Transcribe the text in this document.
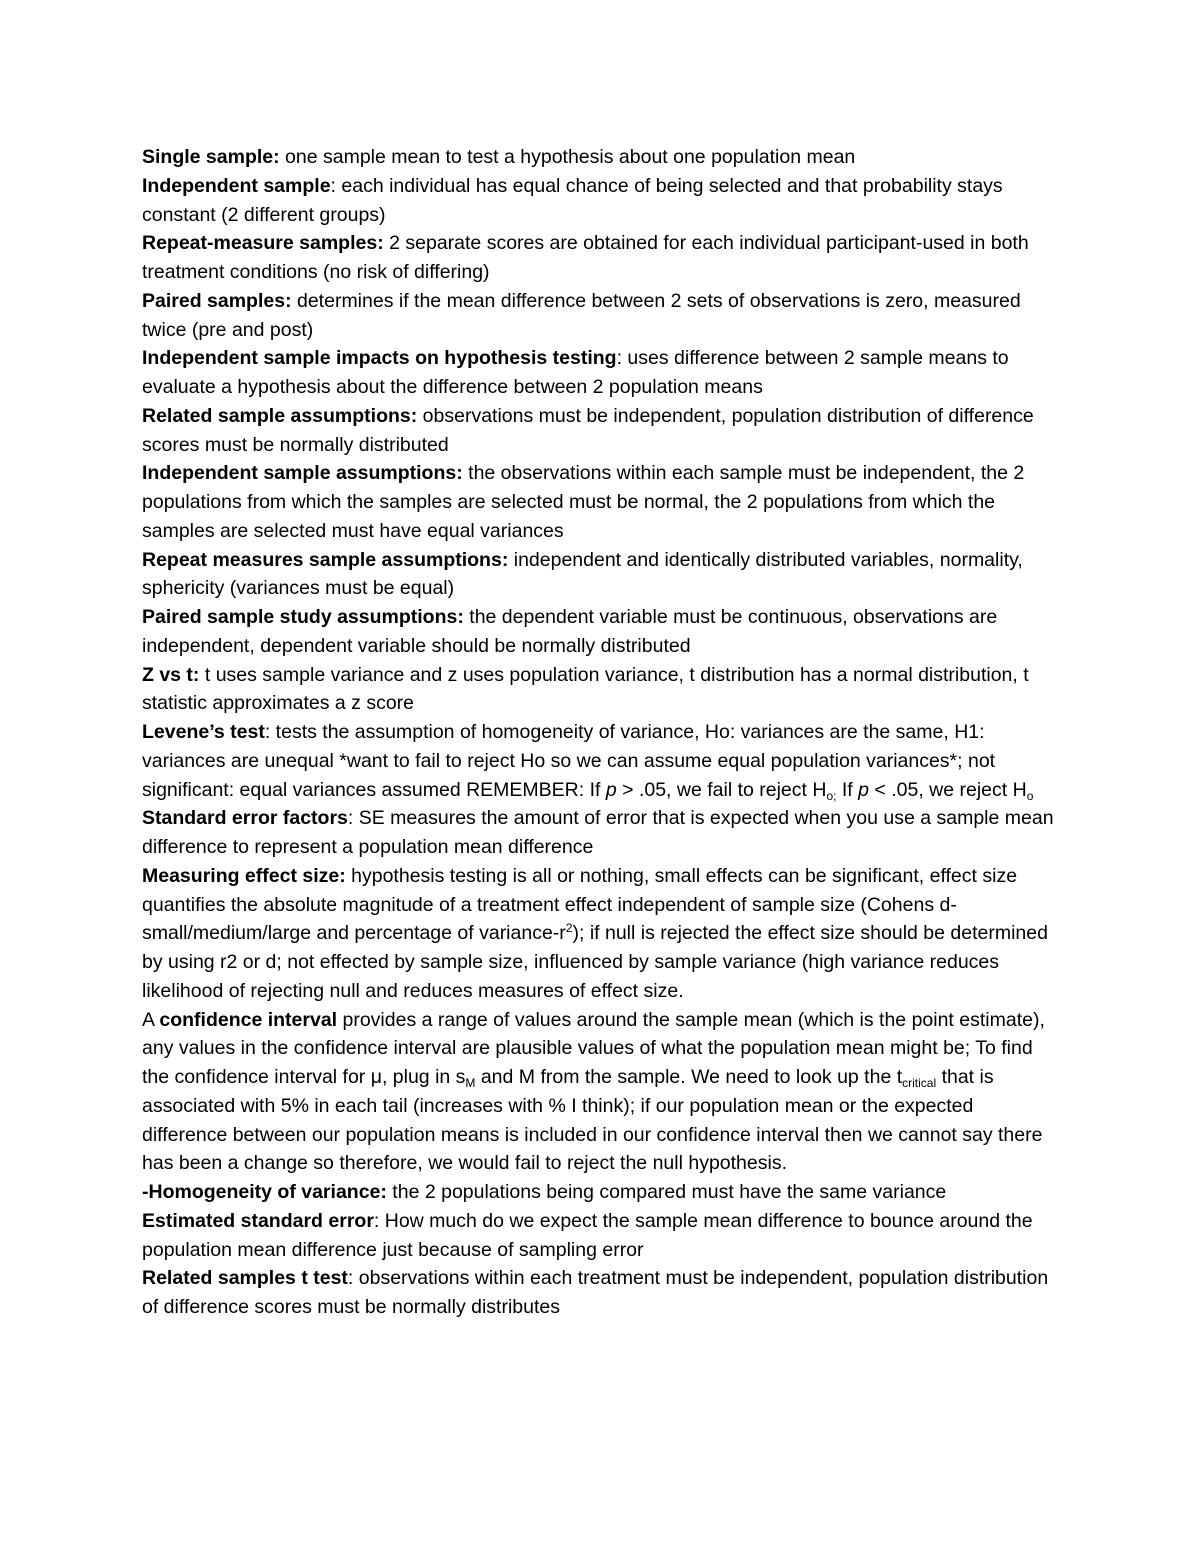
Single sample: one sample mean to test a hypothesis about one population mean

Independent sample: each individual has equal chance of being selected and that probability stays constant (2 different groups)

Repeat-measure samples: 2 separate scores are obtained for each individual participant-used in both treatment conditions (no risk of differing)

Paired samples: determines if the mean difference between 2 sets of observations is zero, measured twice (pre and post)

Independent sample impacts on hypothesis testing: uses difference between 2 sample means to evaluate a hypothesis about the difference between 2 population means

Related sample assumptions: observations must be independent, population distribution of difference scores must be normally distributed

Independent sample assumptions: the observations within each sample must be independent, the 2 populations from which the samples are selected must be normal, the 2 populations from which the samples are selected must have equal variances

Repeat measures sample assumptions: independent and identically distributed variables, normality, sphericity (variances must be equal)

Paired sample study assumptions: the dependent variable must be continuous, observations are independent, dependent variable should be normally distributed

Z vs t: t uses sample variance and z uses population variance, t distribution has a normal distribution, t statistic approximates a z score

Levene’s test: tests the assumption of homogeneity of variance, Ho: variances are the same, H1: variances are unequal *want to fail to reject Ho so we can assume equal population variances*; not significant: equal variances assumed REMEMBER: If p > .05, we fail to reject $H_{o;}$ If p < .05, we reject $H_o$

Standard error factors: SE measures the amount of error that is expected when you use a sample mean difference to represent a population mean difference

Measuring effect size: hypothesis testing is all or nothing, small effects can be significant, effect size quantifies the absolute magnitude of a treatment effect independent of sample size (Cohens d-small/medium/large and percentage of variance-$r^2$); if null is rejected the effect size should be determined by using r2 or d; not effected by sample size, influenced by sample variance (high variance reduces likelihood of rejecting null and reduces measures of effect size.

A confidence interval provides a range of values around the sample mean (which is the point estimate), any values in the confidence interval are plausible values of what the population mean might be; To find the confidence interval for μ, plug in $s_M$ and M from the sample. We need to look up the $t_{critical}$ that is associated with 5% in each tail (increases with % I think); if our population mean or the expected difference between our population means is included in our confidence interval then we cannot say there has been a change so therefore, we would fail to reject the null hypothesis.

-Homogeneity of variance: the 2 populations being compared must have the same variance

Estimated standard error: How much do we expect the sample mean difference to bounce around the population mean difference just because of sampling error

Related samples t test: observations within each treatment must be independent, population distribution of difference scores must be normally distributes
